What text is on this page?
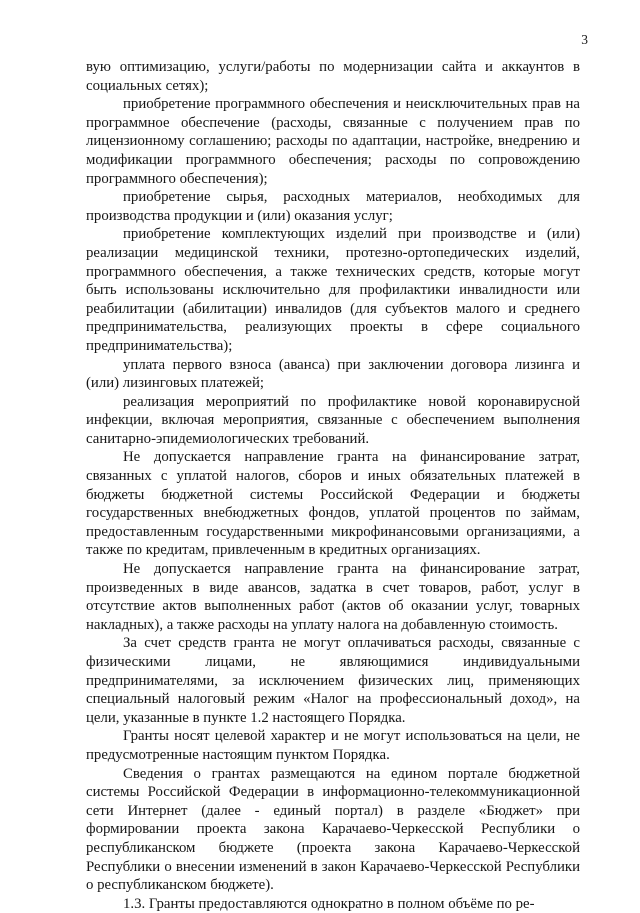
3

вую оптимизацию, услуги/работы по модернизации сайта и аккаунтов в социальных сетях);

приобретение программного обеспечения и неисключительных прав на программное обеспечение (расходы, связанные с получением прав по лицензионному соглашению; расходы по адаптации, настройке, внедрению и модификации программного обеспечения; расходы по сопровождению программного обеспечения);

приобретение сырья, расходных материалов, необходимых для производства продукции и (или) оказания услуг;

приобретение комплектующих изделий при производстве и (или) реализации медицинской техники, протезно-ортопедических изделий, программного обеспечения, а также технических средств, которые могут быть использованы исключительно для профилактики инвалидности или реабилитации (абилитации) инвалидов (для субъектов малого и среднего предпринимательства, реализующих проекты в сфере социального предпринимательства);

уплата первого взноса (аванса) при заключении договора лизинга и (или) лизинговых платежей;

реализация мероприятий по профилактике новой коронавирусной инфекции, включая мероприятия, связанные с обеспечением выполнения санитарно-эпидемиологических требований.

Не допускается направление гранта на финансирование затрат, связанных с уплатой налогов, сборов и иных обязательных платежей в бюджеты бюджетной системы Российской Федерации и бюджеты государственных внебюджетных фондов, уплатой процентов по займам, предоставленным государственными микрофинансовыми организациями, а также по кредитам, привлеченным в кредитных организациях.

Не допускается направление гранта на финансирование затрат, произведенных в виде авансов, задатка в счет товаров, работ, услуг в отсутствие актов выполненных работ (актов об оказании услуг, товарных накладных), а также расходы на уплату налога на добавленную стоимость.

За счет средств гранта не могут оплачиваться расходы, связанные с физическими лицами, не являющимися индивидуальными предпринимателями, за исключением физических лиц, применяющих специальный налоговый режим «Налог на профессиональный доход», на цели, указанные в пункте 1.2 настоящего Порядка.

Гранты носят целевой характер и не могут использоваться на цели, не предусмотренные настоящим пунктом Порядка.

Сведения о грантах размещаются на едином портале бюджетной системы Российской Федерации в информационно-телекоммуникационной сети Интернет (далее - единый портал) в разделе «Бюджет» при формировании проекта закона Карачаево-Черкесской Республики о республиканском бюджете (проекта закона Карачаево-Черкесской Республики о внесении изменений в закон Карачаево-Черкесской Республики о республиканском бюджете).

1.3. Гранты предоставляются однократно в полном объёме по ре-
